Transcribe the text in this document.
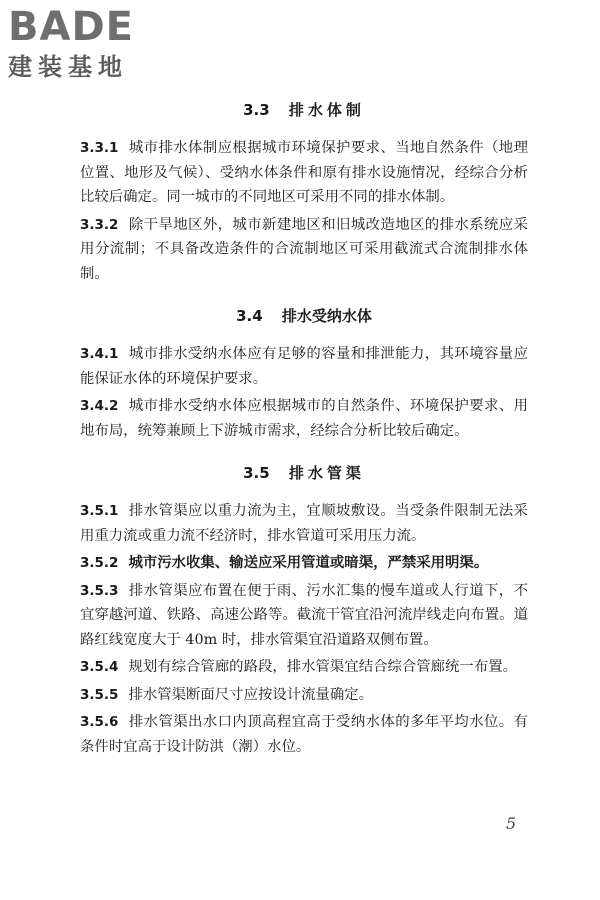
BADE
建装基地
3.3 排水体制

3.3.1 城市排水体制应根据城市环境保护要求、当地自然条件（地理位置、地形及气候）、受纳水体条件和原有排水设施情况，经综合分析比较后确定。同一城市的不同地区可采用不同的排水体制。

3.3.2 除干旱地区外，城市新建地区和旧城改造地区的排水系统应采用分流制；不具备改造条件的合流制地区可采用截流式合流制排水体制。

3.4 排水受纳水体

3.4.1 城市排水受纳水体应有足够的容量和排泄能力，其环境容量应能保证水体的环境保护要求。

3.4.2 城市排水受纳水体应根据城市的自然条件、环境保护要求、用地布局，统筹兼顾上下游城市需求，经综合分析比较后确定。

3.5 排水管渠

3.5.1 排水管渠应以重力流为主，宜顺坡敷设。当受条件限制无法采用重力流或重力流不经济时，排水管道可采用压力流。

3.5.2 城市污水收集、输送应采用管道或暗渠，严禁采用明渠。

3.5.3 排水管渠应布置在便于雨、污水汇集的慢车道或人行道下，不宜穿越河道、铁路、高速公路等。截流干管宜沿河流岸线走向布置。道路红线宽度大于 40m 时，排水管渠宜沿道路双侧布置。

3.5.4 规划有综合管廊的路段，排水管渠宜结合综合管廊统一布置。

3.5.5 排水管渠断面尺寸应按设计流量确定。

3.5.6 排水管渠出水口内顶高程宜高于受纳水体的多年平均水位。有条件时宜高于设计防洪（潮）水位。

5
